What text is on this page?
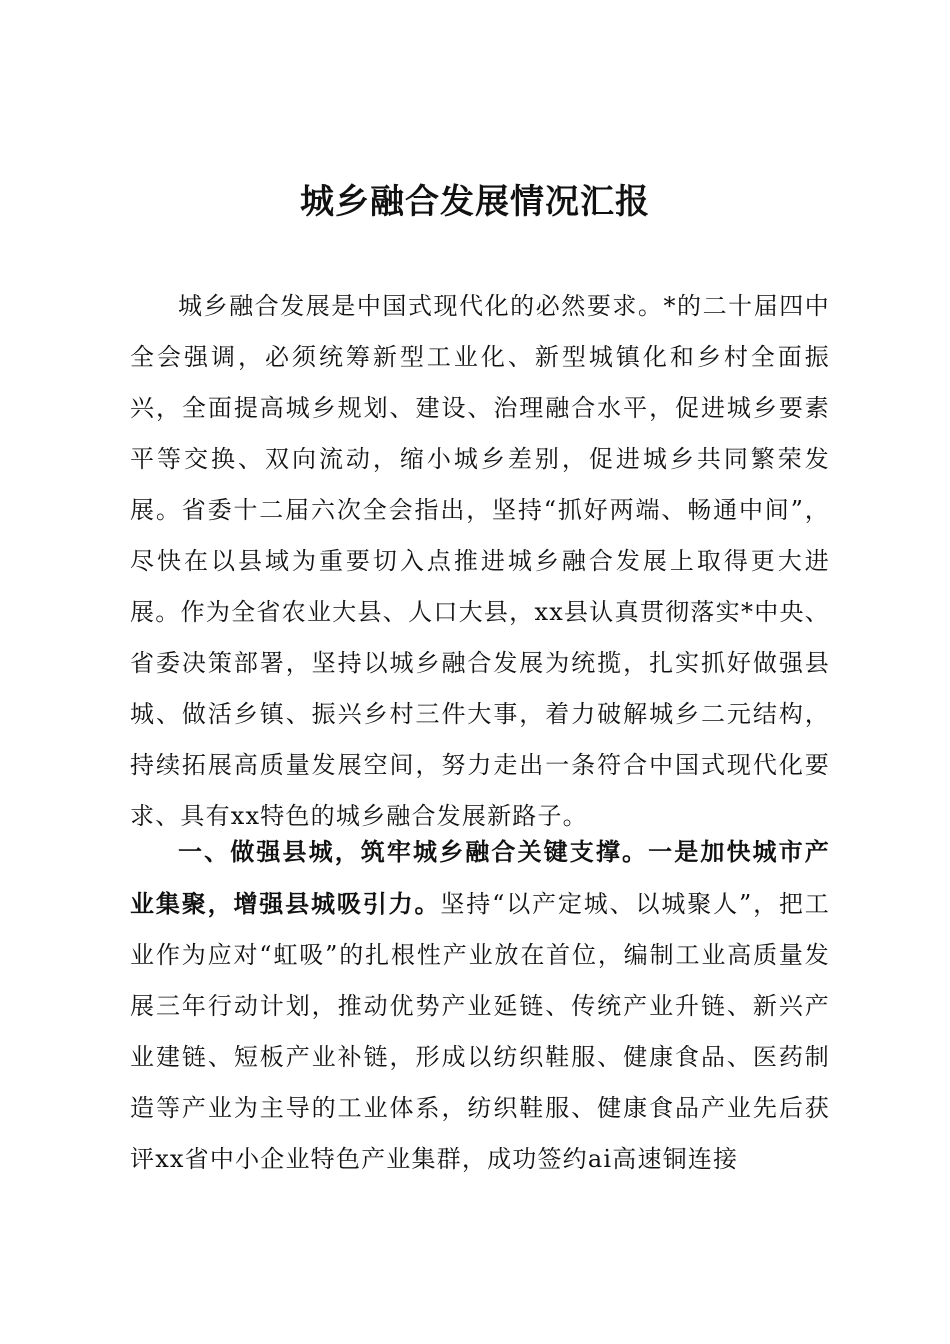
城乡融合发展情况汇报

城乡融合发展是中国式现代化的必然要求。*的二十届四中全会强调，必须统筹新型工业化、新型城镇化和乡村全面振兴，全面提高城乡规划、建设、治理融合水平，促进城乡要素平等交换、双向流动，缩小城乡差别，促进城乡共同繁荣发展。省委十二届六次全会指出，坚持“抓好两端、畅通中间”，尽快在以县域为重要切入点推进城乡融合发展上取得更大进展。作为全省农业大县、人口大县，xx县认真贯彻落实*中央、省委决策部署，坚持以城乡融合发展为统揽，扎实抓好做强县城、做活乡镇、振兴乡村三件大事，着力破解城乡二元结构，持续拓展高质量发展空间，努力走出一条符合中国式现代化要求、具有xx特色的城乡融合发展新路子。

一、做强县城，筑牢城乡融合关键支撑。一是加快城市产业集聚，增强县城吸引力。坚持“以产定城、以城聚人”，把工业作为应对“虹吸”的扎根性产业放在首位，编制工业高质量发展三年行动计划，推动优势产业延链、传统产业升链、新兴产业建链、短板产业补链，形成以纺织鞋服、健康食品、医药制造等产业为主导的工业体系，纺织鞋服、健康食品产业先后获评xx省中小企业特色产业集群，成功签约ai高速铜连接
